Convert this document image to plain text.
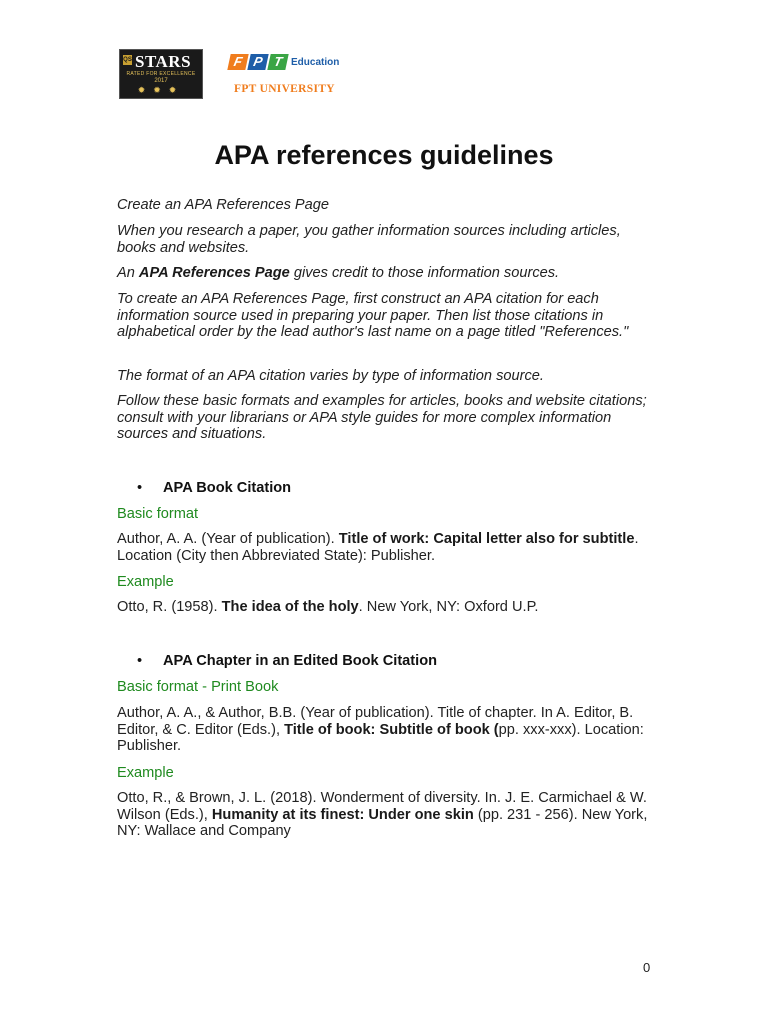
QS STARS
RATED FOR EXCELLENCE
2017
✹✹✹
F P T Education
FPT UNIVERSITY
APA references guidelines
Create an APA References Page
When you research a paper, you gather information sources including articles, books and websites.
An APA References Page gives credit to those information sources.
To create an APA References Page, first construct an APA citation for each information source used in preparing your paper. Then list those citations in alphabetical order by the lead author's last name on a page titled "References."
The format of an APA citation varies by type of information source.
Follow these basic formats and examples for articles, books and website citations; consult with your librarians or APA style guides for more complex information sources and situations.
• APA Book Citation
Basic format
Author, A. A. (Year of publication). Title of work: Capital letter also for subtitle. Location (City then Abbreviated State): Publisher.
Example
Otto, R. (1958). The idea of the holy. New York, NY: Oxford U.P.
• APA Chapter in an Edited Book Citation
Basic format - Print Book
Author, A. A., & Author, B.B. (Year of publication). Title of chapter. In A. Editor, B. Editor, & C. Editor (Eds.), Title of book: Subtitle of book (pp. xxx-xxx). Location: Publisher.
Example
Otto, R., & Brown, J. L. (2018). Wonderment of diversity. In. J. E. Carmichael & W. Wilson (Eds.), Humanity at its finest: Under one skin (pp. 231 - 256). New York, NY: Wallace and Company
0
